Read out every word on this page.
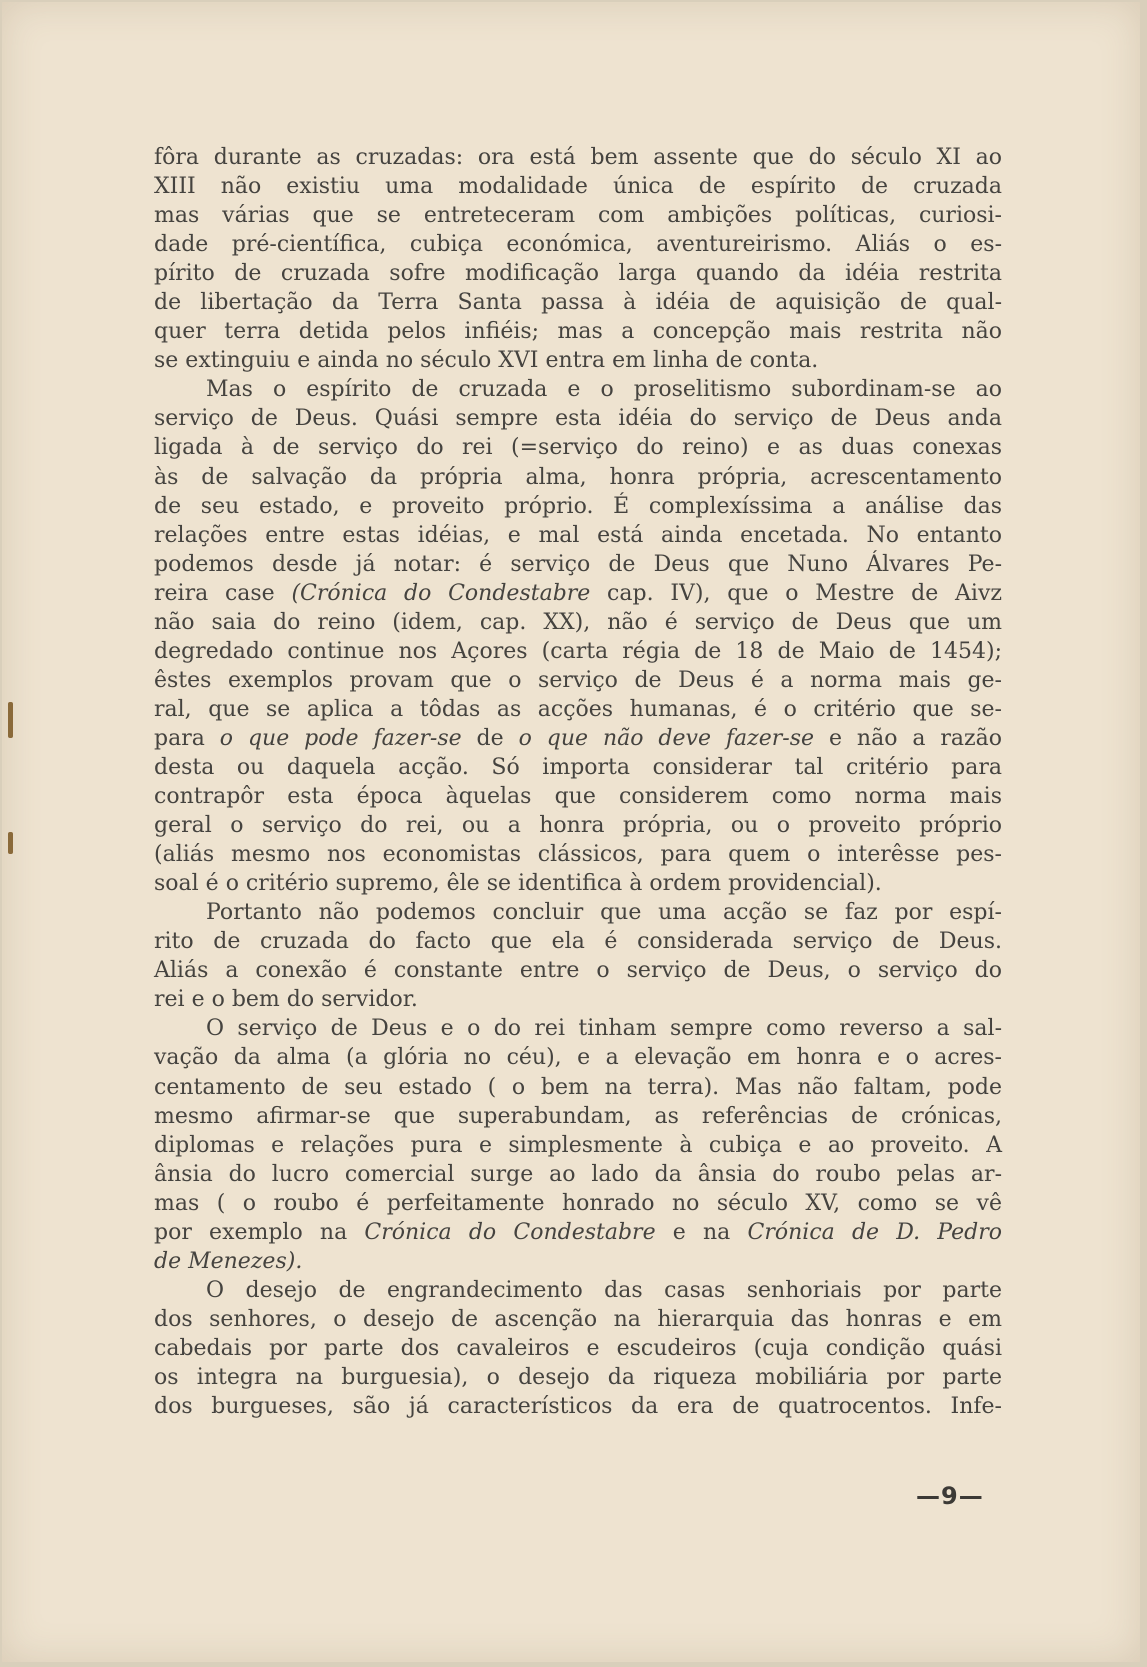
fôra durante as cruzadas: ora está bem assente que do século XI ao
XIII não existiu uma modalidade única de espírito de cruzada
mas várias que se entreteceram com ambições políticas, curiosi-
dade pré-científica, cubiça económica, aventureirismo. Aliás o es-
pírito de cruzada sofre modificação larga quando da idéia restrita
de libertação da Terra Santa passa à idéia de aquisição de qual-
quer terra detida pelos infiéis; mas a concepção mais restrita não
se extinguiu e ainda no século XVI entra em linha de conta.
Mas o espírito de cruzada e o proselitismo subordinam-se ao
serviço de Deus. Quási sempre esta idéia do serviço de Deus anda
ligada à de serviço do rei (=serviço do reino) e as duas conexas
às de salvação da própria alma, honra própria, acrescentamento
de seu estado, e proveito próprio. É complexíssima a análise das
relações entre estas idéias, e mal está ainda encetada. No entanto
podemos desde já notar: é serviço de Deus que Nuno Álvares Pe-
reira case (Crónica do Condestabre cap. IV), que o Mestre de Aivz
não saia do reino (idem, cap. XX), não é serviço de Deus que um
degredado continue nos Açores (carta régia de 18 de Maio de 1454);
êstes exemplos provam que o serviço de Deus é a norma mais ge-
ral, que se aplica a tôdas as acções humanas, é o critério que se-
para o que pode fazer-se de o que não deve fazer-se e não a razão
desta ou daquela acção. Só importa considerar tal critério para
contrapôr esta época àquelas que considerem como norma mais
geral o serviço do rei, ou a honra própria, ou o proveito próprio
(aliás mesmo nos economistas clássicos, para quem o interêsse pes-
soal é o critério supremo, êle se identifica à ordem providencial).
Portanto não podemos concluir que uma acção se faz por espí-
rito de cruzada do facto que ela é considerada serviço de Deus.
Aliás a conexão é constante entre o serviço de Deus, o serviço do
rei e o bem do servidor.
O serviço de Deus e o do rei tinham sempre como reverso a sal-
vação da alma (a glória no céu), e a elevação em honra e o acres-
centamento de seu estado ( o bem na terra). Mas não faltam, pode
mesmo afirmar-se que superabundam, as referências de crónicas,
diplomas e relações pura e simplesmente à cubiça e ao proveito. A
ânsia do lucro comercial surge ao lado da ânsia do roubo pelas ar-
mas ( o roubo é perfeitamente honrado no século XV, como se vê
por exemplo na Crónica do Condestabre e na Crónica de D. Pedro
de Menezes).
O desejo de engrandecimento das casas senhoriais por parte
dos senhores, o desejo de ascenção na hierarquia das honras e em
cabedais por parte dos cavaleiros e escudeiros (cuja condição quási
os integra na burguesia), o desejo da riqueza mobiliária por parte
dos burgueses, são já característicos da era de quatrocentos. Infe-
—9—
